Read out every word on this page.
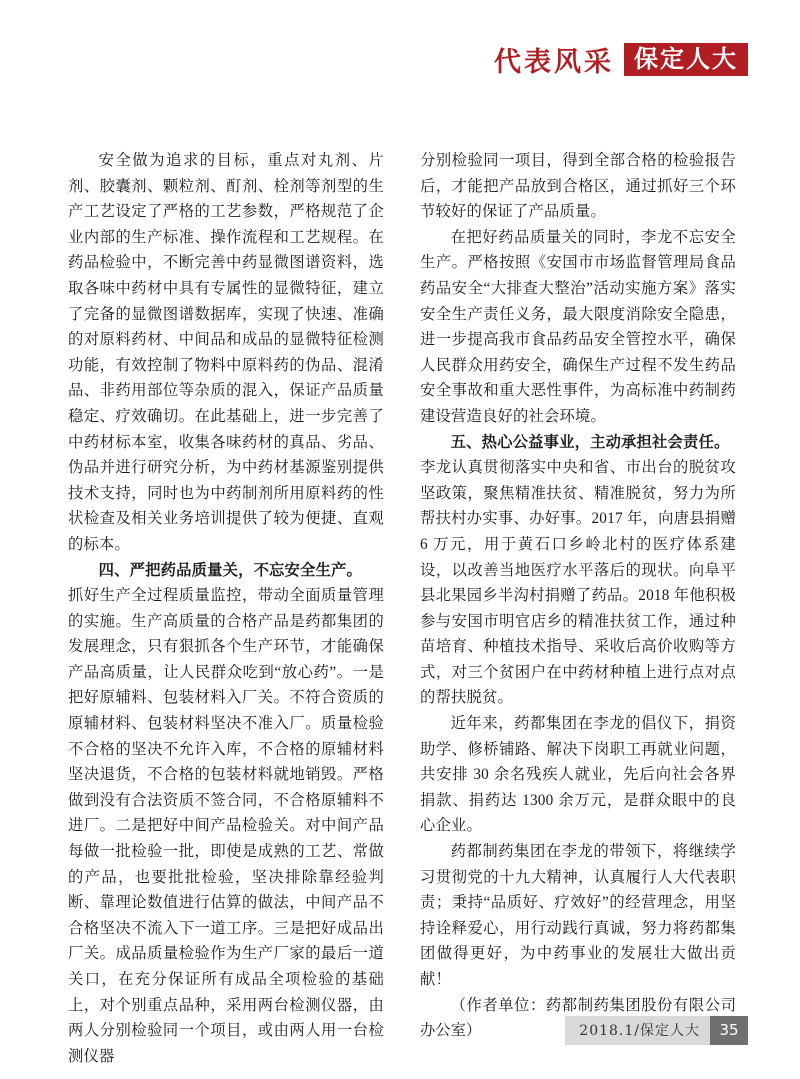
代表风采 保定人大

安全做为追求的目标，重点对丸剂、片剂、胶囊剂、颗粒剂、酊剂、栓剂等剂型的生产工艺设定了严格的工艺参数，严格规范了企业内部的生产标准、操作流程和工艺规程。在药品检验中，不断完善中药显微图谱资料，选取各味中药材中具有专属性的显微特征，建立了完备的显微图谱数据库，实现了快速、准确的对原料药材、中间品和成品的显微特征检测功能，有效控制了物料中原料药的伪品、混淆品、非药用部位等杂质的混入，保证产品质量稳定、疗效确切。在此基础上，进一步完善了中药材标本室，收集各味药材的真品、劣品、伪品并进行研究分析，为中药材基源鉴别提供技术支持，同时也为中药制剂所用原料药的性状检查及相关业务培训提供了较为便捷、直观的标本。

四、严把药品质量关，不忘安全生产。

抓好生产全过程质量监控，带动全面质量管理的实施。生产高质量的合格产品是药都集团的发展理念，只有狠抓各个生产环节，才能确保产品高质量，让人民群众吃到“放心药”。一是把好原辅料、包装材料入厂关。不符合资质的原辅材料、包装材料坚决不准入厂。质量检验不合格的坚决不允许入库，不合格的原辅材料坚决退货，不合格的包装材料就地销毁。严格做到没有合法资质不签合同，不合格原辅料不进厂。二是把好中间产品检验关。对中间产品每做一批检验一批，即使是成熟的工艺、常做的产品，也要批批检验，坚决排除靠经验判断、靠理论数值进行估算的做法，中间产品不合格坚决不流入下一道工序。三是把好成品出厂关。成品质量检验作为生产厂家的最后一道关口，在充分保证所有成品全项检验的基础上，对个别重点品种，采用两台检测仪器，由两人分别检验同一个项目，或由两人用一台检测仪器

分别检验同一项目，得到全部合格的检验报告后，才能把产品放到合格区，通过抓好三个环节较好的保证了产品质量。

在把好药品质量关的同时，李龙不忘安全生产。严格按照《安国市市场监督管理局食品药品安全“大排查大整治”活动实施方案》落实安全生产责任义务，最大限度消除安全隐患，进一步提高我市食品药品安全管控水平，确保人民群众用药安全，确保生产过程不发生药品安全事故和重大恶性事件，为高标准中药制药建设营造良好的社会环境。

五、热心公益事业，主动承担社会责任。

李龙认真贯彻落实中央和省、市出台的脱贫攻坚政策，聚焦精准扶贫、精准脱贫，努力为所帮扶村办实事、办好事。2017 年，向唐县捐赠 6 万元，用于黄石口乡岭北村的医疗体系建设，以改善当地医疗水平落后的现状。向阜平县北果园乡半沟村捐赠了药品。2018 年他积极参与安国市明官店乡的精准扶贫工作，通过种苗培育、种植技术指导、采收后高价收购等方式，对三个贫困户在中药材种植上进行点对点的帮扶脱贫。

近年来，药都集团在李龙的倡仪下，捐资助学、修桥铺路、解决下岗职工再就业问题，共安排 30 余名残疾人就业，先后向社会各界捐款、捐药达 1300 余万元，是群众眼中的良心企业。

药都制药集团在李龙的带领下，将继续学习贯彻党的十九大精神，认真履行人大代表职责；秉持“品质好、疗效好”的经营理念，用坚持诠释爱心，用行动践行真诚，努力将药都集团做得更好，为中药事业的发展壮大做出贡献！

（作者单位：药都制药集团股份有限公司办公室）	2018.1/保定人大	35
